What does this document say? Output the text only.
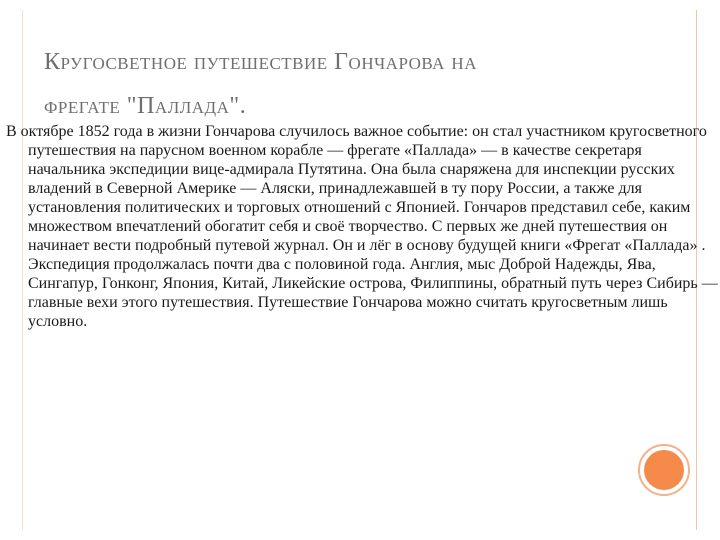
Кругосветное путешествие Гончарова на
фрегате "Паллада".
В октябре 1852 года в жизни Гончарова случилось важное событие: он стал участником кругосветного путешествия на парусном военном корабле — фрегате «Паллада» — в качестве секретаря начальника экспедиции вице-адмирала Путятина. Она была снаряжена для инспекции русских владений в Северной Америке — Аляски, принадлежавшей в ту пору России, а также для установления политических и торговых отношений с Японией. Гончаров представил себе, каким множеством впечатлений обогатит себя и своё творчество. С первых же дней путешествия он начинает вести подробный путевой журнал. Он и лёг в основу будущей книги «Фрегат «Паллада» . Экспедиция продолжалась почти два с половиной года. Англия, мыс Доброй Надежды, Ява, Сингапур, Гонконг, Япония, Китай, Ликейские острова, Филиппины, обратный путь через Сибирь — главные вехи этого путешествия. Путешествие Гончарова можно считать кругосветным лишь условно.
